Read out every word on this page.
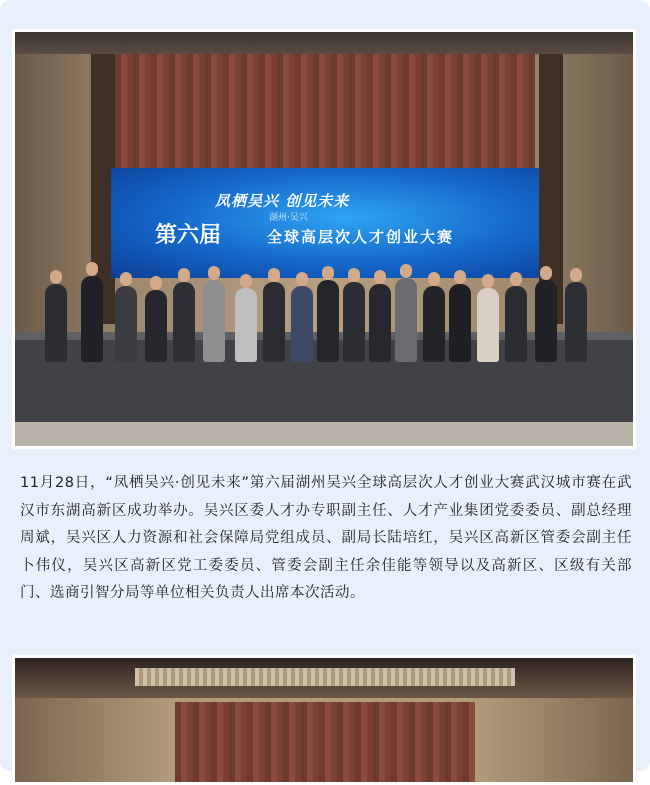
凤栖吴兴 创见未来
第六届
湖州·吴兴
全球高层次人才创业大赛

11月28日，“凤栖吴兴·创见未来”第六届湖州吴兴全球高层次人才创业大赛武汉城市赛在武汉市东湖高新区成功举办。吴兴区委人才办专职副主任、人才产业集团党委委员、副总经理周斌，吴兴区人力资源和社会保障局党组成员、副局长陆培红，吴兴区高新区管委会副主任卜伟仪，吴兴区高新区党工委委员、管委会副主任余佳能等领导以及高新区、区级有关部门、选商引智分局等单位相关负责人出席本次活动。
